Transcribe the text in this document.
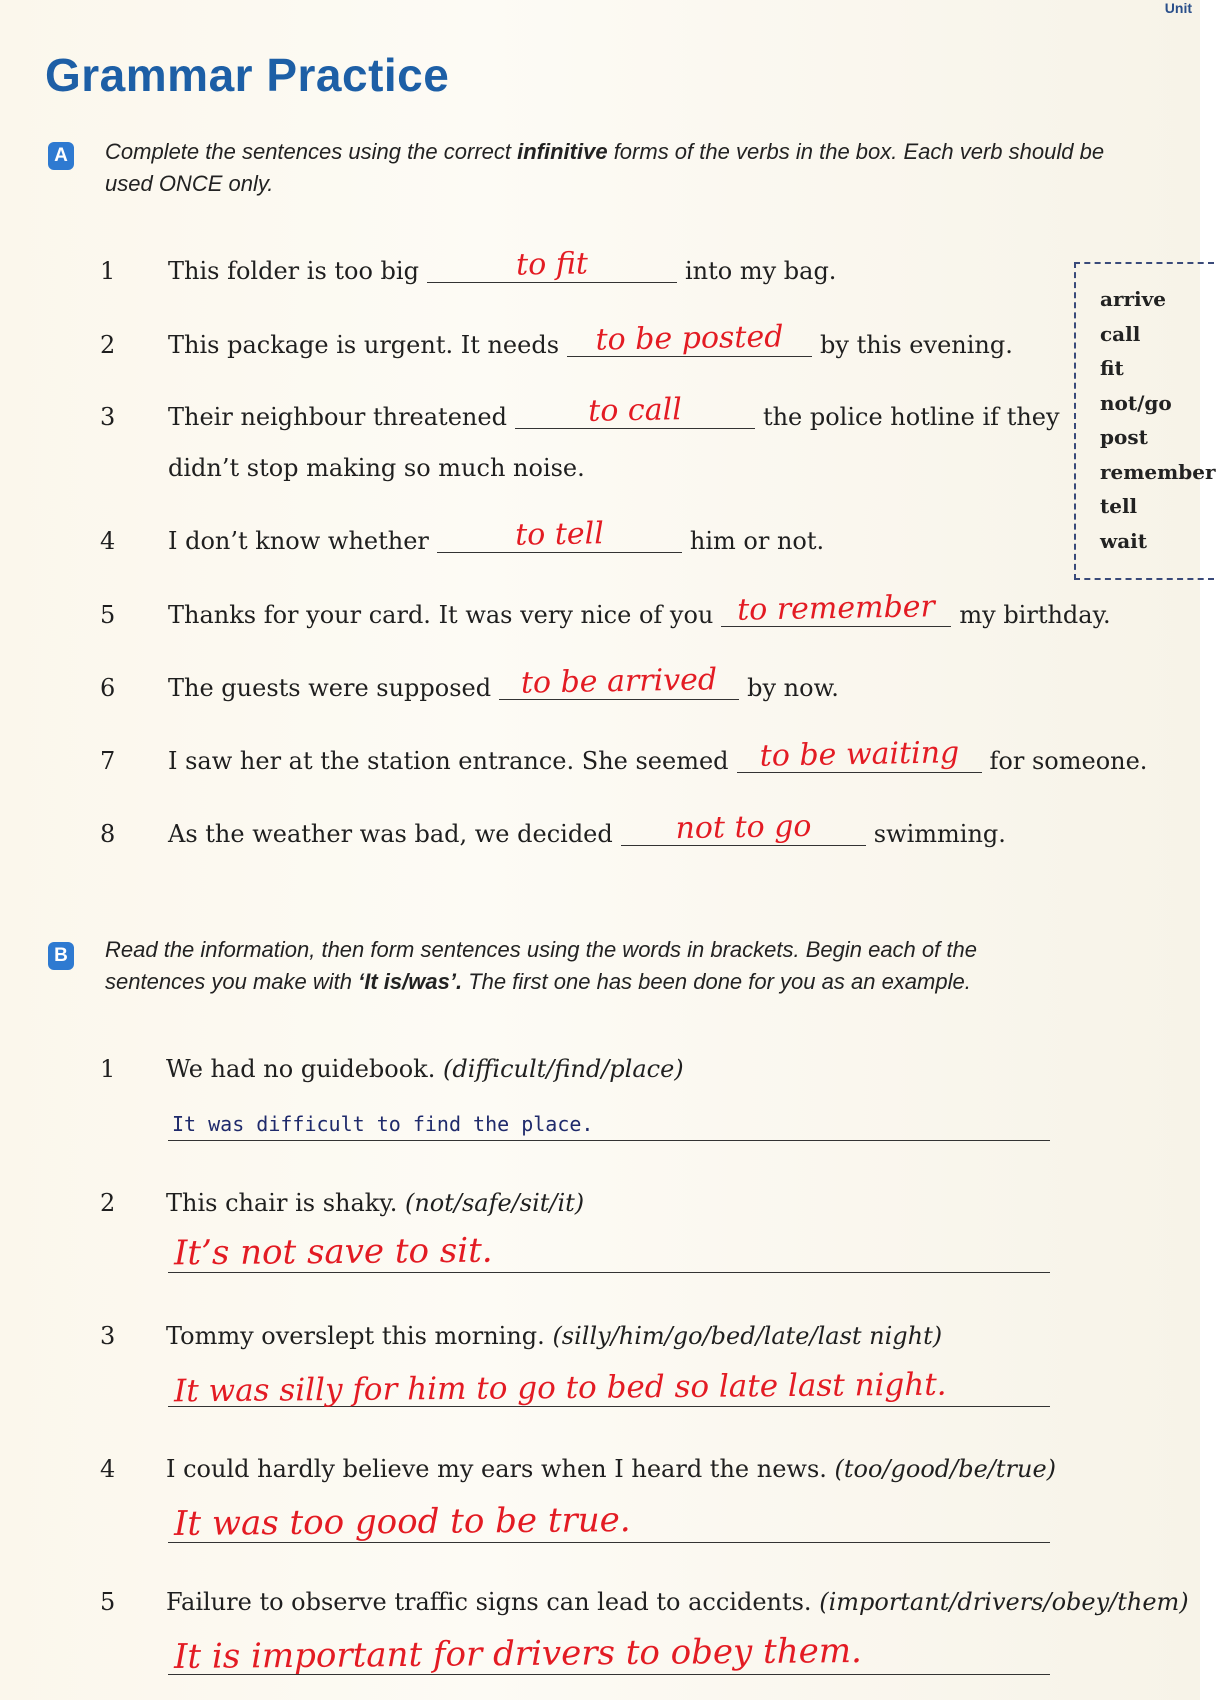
Unit
Grammar Practice
A Complete the sentences using the correct infinitive forms of the verbs in the box. Each verb should be used ONCE only.

1 This folder is too big	to fit	into my bag.
2 This package is urgent. It needs	to be posted	by this evening.
3 Their neighbour threatened	to call	the police hotline if they
didn’t stop making so much noise.
4 I don’t know whether	to tell	him or not.
5 Thanks for your card. It was very nice of you to remember my birthday.
6 The guests were supposed to be arrived	by now.
7 I saw her at the station entrance. She seemed	to be waiting	for someone.
8 As the weather was bad, we decided	not to go	swimming.
arrive
call
fit
not/go
post
remember
tell
wait
B Read the information, then form sentences using the words in brackets. Begin each of the sentences you make with ‘It is/was’. The first one has been done for you as an example.

1 We had no guidebook. (difficult/find/place)
It was difficult to find the place.
2 This chair is shaky. (not/safe/sit/it)
It’s not save to sit.
3 Tommy overslept this morning. (silly/him/go/bed/late/last night)
It was silly for him to go to bed so late last night.
4 I could hardly believe my ears when I heard the news. (too/good/be/true)
It was too good to be true.
5 Failure to observe traffic signs can lead to accidents. (important/drivers/obey/them)
It is important for drivers to obey them.
